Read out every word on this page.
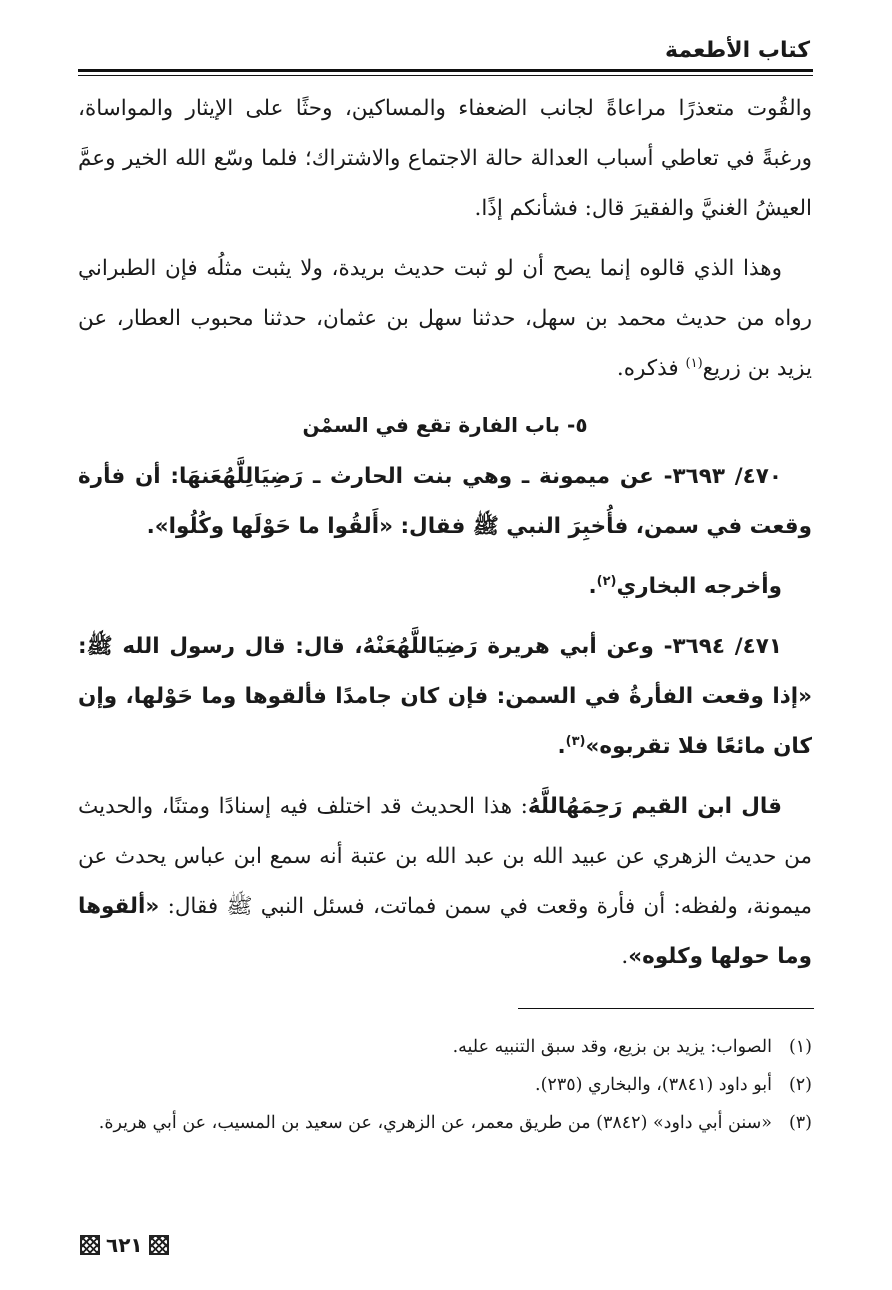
كتاب الأطعمة

والقُوت متعذرًا مراعاةً لجانب الضعفاء والمساكين، وحثًا على الإيثار والمواساة، ورغبةً في تعاطي أسباب العدالة حالة الاجتماع والاشتراك؛ فلما وسّع الله الخير وعمَّ العيشُ الغنيَّ والفقيرَ قال: فشأنكم إذًا.

وهذا الذي قالوه إنما يصح أن لو ثبت حديث بريدة، ولا يثبت مثلُه فإن الطبراني رواه من حديث محمد بن سهل، حدثنا سهل بن عثمان، حدثنا محبوب العطار، عن يزيد بن زريع$^{(١)}$ فذكره.

٥- باب الفارة تقع في السمْن

٤٧٠/ ٣٦٩٣- عن ميمونة ـ وهي بنت الحارث ـ رَضِيَالِلَّهُعَنهَا: أن فأرة وقعت في سمن، فأُخبِرَ النبي ﷺ فقال: «أَلقُوا ما حَوْلَها وكُلُوا».

وأخرجه البخاري$^{(٢)}$.

٤٧١/ ٣٦٩٤- وعن أبي هريرة رَضِيَاللَّهُعَنْهُ، قال: قال رسول الله ﷺ: «إذا وقعت الفأرةُ في السمن: فإن كان جامدًا فألقوها وما حَوْلها، وإن كان مائعًا فلا تقربوه»$^{(٣)}$.

قال ابن القيم رَحِمَهُاللَّهُ: هذا الحديث قد اختلف فيه إسنادًا ومتنًا، والحديث من حديث الزهري عن عبيد الله بن عبد الله بن عتبة أنه سمع ابن عباس يحدث عن ميمونة، ولفظه: أن فأرة وقعت في سمن فماتت، فسئل النبي ﷺ فقال: «ألقوها وما حولها وكلوه».

(١)
الصواب: يزيد بن بزيع، وقد سبق التنبيه عليه.
(٢)
أبو داود (٣٨٤١)، والبخاري (٢٣٥).
(٣)
«سنن أبي داود» (٣٨٤٢) من طريق معمر، عن الزهري، عن سعيد بن المسيب، عن أبي هريرة.
٦٢١
